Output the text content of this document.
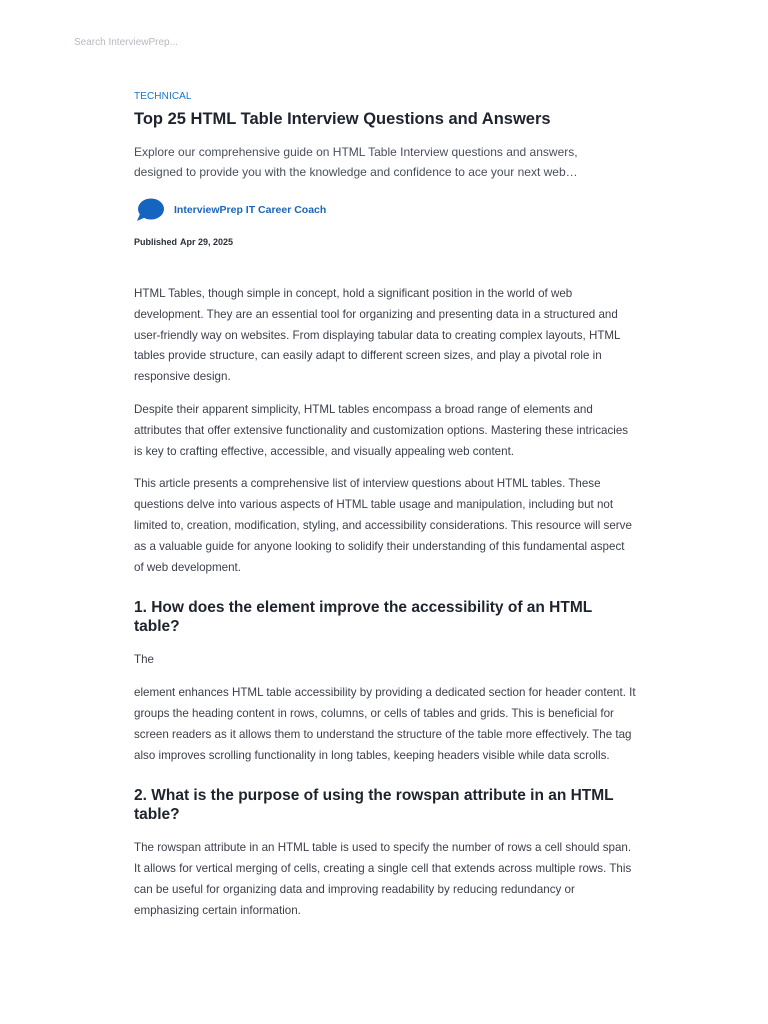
Search InterviewPrep...
TECHNICAL
Top 25 HTML Table Interview Questions and Answers
Explore our comprehensive guide on HTML Table Interview questions and answers,
designed to provide you with the knowledge and confidence to ace your next web…
InterviewPrep IT Career Coach
Published Apr 29, 2025

HTML Tables, though simple in concept, hold a significant position in the world of web development. They are an essential tool for organizing and presenting data in a structured and user-friendly way on websites. From displaying tabular data to creating complex layouts, HTML tables provide structure, can easily adapt to different screen sizes, and play a pivotal role in responsive design.

Despite their apparent simplicity, HTML tables encompass a broad range of elements and attributes that offer extensive functionality and customization options. Mastering these intricacies is key to crafting effective, accessible, and visually appealing web content.

This article presents a comprehensive list of interview questions about HTML tables. These questions delve into various aspects of HTML table usage and manipulation, including but not limited to, creation, modification, styling, and accessibility considerations. This resource will serve as a valuable guide for anyone looking to solidify their understanding of this fundamental aspect of web development.

1. How does the element improve the accessibility of an HTML table?

The

element enhances HTML table accessibility by providing a dedicated section for header content. It groups the heading content in rows, columns, or cells of tables and grids. This is beneficial for screen readers as it allows them to understand the structure of the table more effectively. The tag also improves scrolling functionality in long tables, keeping headers visible while data scrolls.

2. What is the purpose of using the rowspan attribute in an HTML table?

The rowspan attribute in an HTML table is used to specify the number of rows a cell should span. It allows for vertical merging of cells, creating a single cell that extends across multiple rows. This can be useful for organizing data and improving readability by reducing redundancy or emphasizing certain information.
